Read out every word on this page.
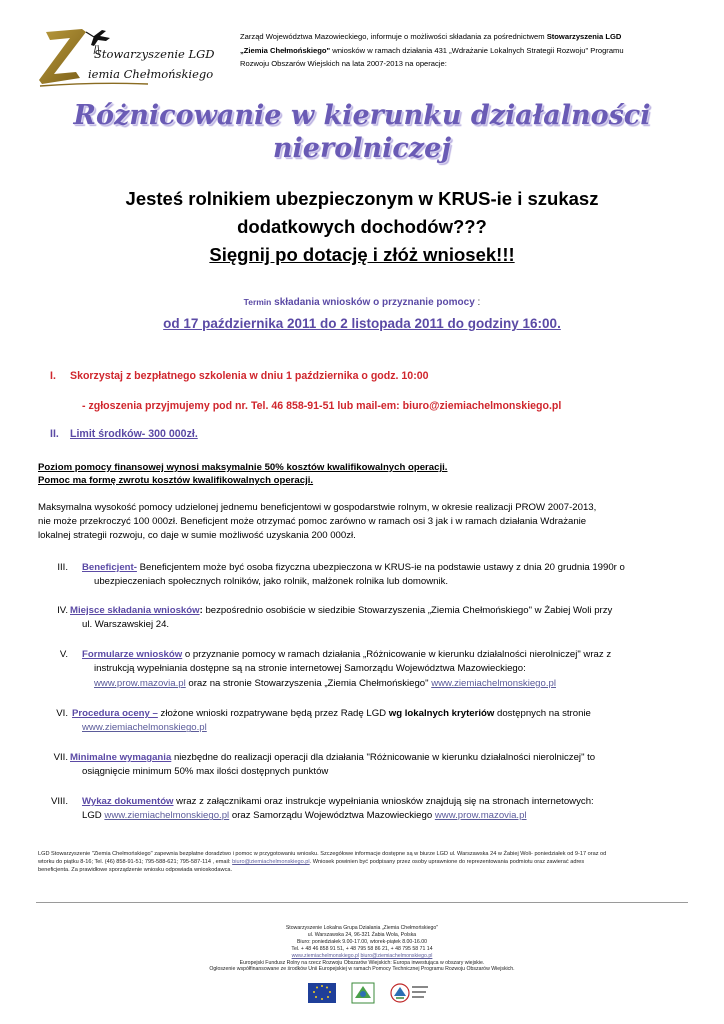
Stowarzyszenie LGD
iemia Chełmońskiego
Zarząd Województwa Mazowieckiego, informuje o możliwości składania za pośrednictwem Stowarzyszenia LGD
„Ziemia Chełmońskiego" wniosków w ramach działania 431 „Wdrażanie Lokalnych Strategii Rozwoju" Programu
Rozwoju Obszarów Wiejskich na lata 2007-2013 na operacje:
Różnicowanie w kierunku działalności
nierolniczej
Jesteś rolnikiem ubezpieczonym w KRUS-ie i szukasz
dodatkowych dochodów???
Sięgnij po dotację i złóż wniosek!!!
Termin składania wniosków o przyznanie pomocy :
od 17 października 2011 do 2 listopada 2011 do godziny 16:00.
I. Skorzystaj z bezpłatnego szkolenia w dniu 1 października o godz. 10:00
- zgłoszenia przyjmujemy pod nr. Tel. 46 858-91-51 lub mail-em: biuro@ziemiachelmonskiego.pl
II. Limit środków- 300 000zł.
Poziom pomocy finansowej wynosi maksymalnie 50% kosztów kwalifikowalnych operacji.
Pomoc ma formę zwrotu kosztów kwalifikowalnych operacji.
Maksymalna wysokość pomocy udzielonej jednemu beneficjentowi w gospodarstwie rolnym, w okresie realizacji PROW 2007-2013,
nie może przekroczyć 100 000zł. Beneficjent może otrzymać pomoc zarówno w ramach osi 3 jak i w ramach działania Wdrażanie
lokalnej strategii rozwoju, co daje w sumie możliwość uzyskania 200 000zł.
III. Beneficjent- Beneficjentem może być osoba fizyczna ubezpieczona w KRUS-ie na podstawie ustawy z dnia 20 grudnia 1990r o
ubezpieczeniach społecznych rolników, jako rolnik, małżonek rolnika lub domownik.
IV. Miejsce składania wniosków: bezpośrednio osobiście w siedzibie Stowarzyszenia „Ziemia Chełmońskiego" w Żabiej Woli przy
ul. Warszawskiej 24.
V. Formularze wniosków o przyznanie pomocy w ramach działania „Różnicowanie w kierunku działalności nierolniczej" wraz z
instrukcją wypełniania dostępne są na stronie internetowej Samorządu Województwa Mazowieckiego:
www.prow.mazovia.pl oraz na stronie Stowarzyszenia „Ziemia Chełmońskiego" www.ziemiachelmonskiego.pl
VI. Procedura oceny – złożone wnioski rozpatrywane będą przez Radę LGD wg lokalnych kryteriów dostępnych na stronie
www.ziemiachelmonskiego.pl
VII. Minimalne wymagania niezbędne do realizacji operacji dla działania "Różnicowanie w kierunku działalności nierolniczej" to
osiągnięcie minimum 50% max ilości dostępnych punktów
VIII. Wykaz dokumentów wraz z załącznikami oraz instrukcje wypełniania wniosków znajdują się na stronach internetowych:
LGD www.ziemiachelmonskiego.pl oraz Samorządu Województwa Mazowieckiego www.prow.mazovia.pl
LGD Stowarzyszenie "Ziemia Chełmońskiego" zapewnia bezpłatne doradztwo i pomoc w przygotowaniu wniosku. Szczegółowe informacje dostępne są w biurze LGD ul. Warszawska 24 w Żabiej Woli- poniedziałek od 9-17 oraz od
wtorku do piątku 8-16; Tel. (46) 858-91-51; 795-588-621; 795-587-114 , email: biuro@ziemiachelmonskiego.pl. Wniosek powinien być podpisany przez osoby uprawnione do reprezentowania podmiotu oraz zawierać adres
beneficjenta. Za prawidłowe sporządzenie wniosku odpowiada wnioskodawca.
Stowarzyszenie Lokalna Grupa Działania „Ziemia Chełmońskiego"
ul. Warszawska 24, 96-321 Żabia Wola, Polska
Biuro: poniedziałek 9.00-17.00, wtorek-piątek 8.00-16.00
Tel. + 48 46 858 91 51, + 48 795 58 86 21, + 48 795 58 71 14
www.ziemiachelmonskiego.pl biuro@ziemiachelmonskiego.pl
Europejski Fundusz Rolny na rzecz Rozwoju Obszarów Wiejskich: Europa inwestująca w obszary wiejskie.
Ogłoszenie współfinansowane ze środków Unii Europejskiej w ramach Pomocy Technicznej Programu Rozwoju Obszarów Wiejskich.
